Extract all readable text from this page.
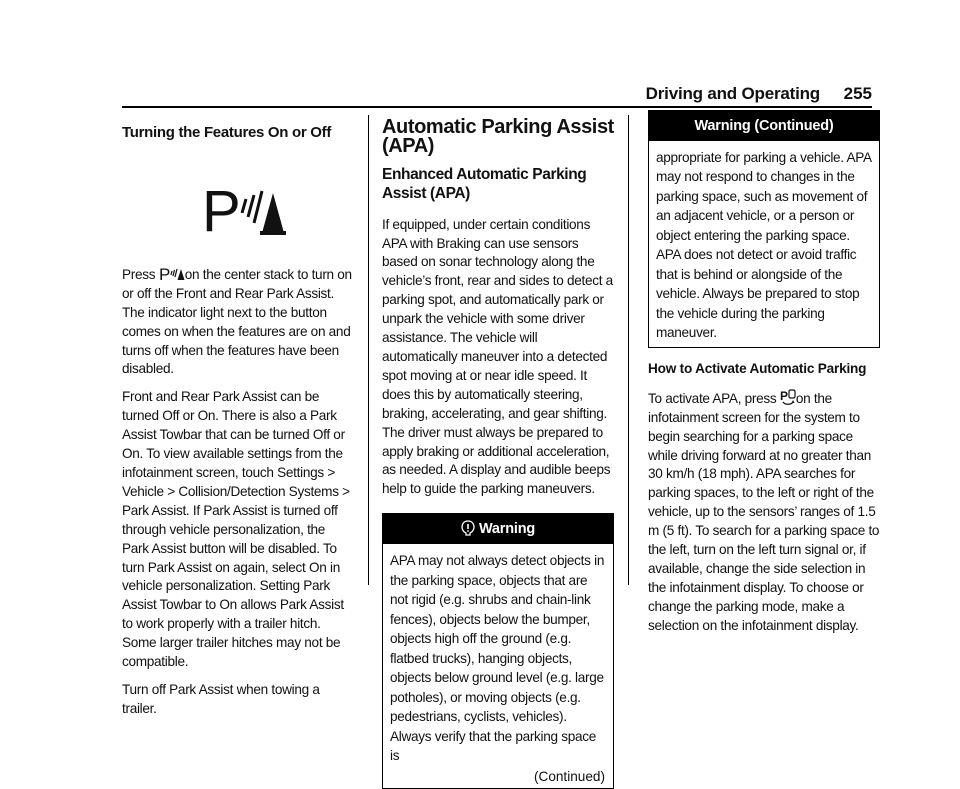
Driving and Operating 255
Turning the Features On or Off
P

Press P on the center stack to turn on or off the Front and Rear Park Assist. The indicator light next to the button comes on when the features are on and turns off when the features have been disabled.

Front and Rear Park Assist can be turned Off or On. There is also a Park Assist Towbar that can be turned Off or On. To view available settings from the infotainment screen, touch Settings > Vehicle > Collision/Detection Systems > Park Assist. If Park Assist is turned off through vehicle personalization, the Park Assist button will be disabled. To turn Park Assist on again, select On in vehicle personalization. Setting Park Assist Towbar to On allows Park Assist to work properly with a trailer hitch. Some larger trailer hitches may not be compatible.

Turn off Park Assist when towing a trailer.

Automatic Parking Assist (APA)
Enhanced Automatic Parking Assist (APA)

If equipped, under certain conditions APA with Braking can use sensors based on sonar technology along the vehicle’s front, rear and sides to detect a parking spot, and automatically park or unpark the vehicle with some driver assistance. The vehicle will automatically maneuver into a detected spot moving at or near idle speed. It does this by automatically steering, braking, accelerating, and gear shifting. The driver must always be prepared to apply braking or additional acceleration, as needed. A display and audible beeps help to guide the parking maneuvers.

Warning
APA may not always detect objects in the parking space, objects that are not rigid (e.g. shrubs and chain-link fences), objects below the bumper, objects high off the ground (e.g. flatbed trucks), hanging objects, objects below ground level (e.g. large potholes), or moving objects (e.g. pedestrians, cyclists, vehicles). Always verify that the parking space is
(Continued)
Warning (Continued)
appropriate for parking a vehicle. APA may not respond to changes in the parking space, such as movement of an adjacent vehicle, or a person or object entering the parking space. APA does not detect or avoid traffic that is behind or alongside of the vehicle. Always be prepared to stop the vehicle during the parking maneuver.
How to Activate Automatic Parking

To activate APA, press P on the infotainment screen for the system to begin searching for a parking space while driving forward at no greater than 30 km/h (18 mph). APA searches for parking spaces, to the left or right of the vehicle, up to the sensors’ ranges of 1.5 m (5 ft). To search for a parking space to the left, turn on the left turn signal or, if available, change the side selection in the infotainment display. To choose or change the parking mode, make a selection on the infotainment display.
